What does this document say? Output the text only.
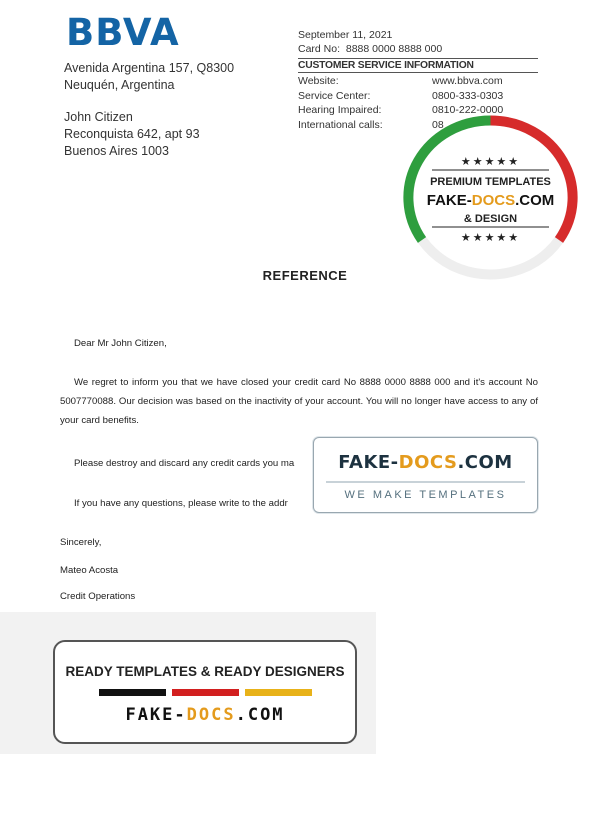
BBVA
Avenida Argentina 157, Q8300
Neuquén, Argentina
John Citizen
Reconquista 642, apt 93
Buenos Aires 1003
September 11, 2021
Card No: 8888 0000 8888 000
CUSTOMER SERVICE INFORMATION
Website:	www.bbva.com
Service Center:	0800-333-0303
Hearing Impaired:	0810-222-0000
International calls:	08
★★★★★
PREMIUM TEMPLATES
FAKE-DOCS.COM
& DESIGN
★★★★★
REFERENCE
Dear Mr John Citizen,
We regret to inform you that we have closed your credit card No 8888 0000 8888 000 and it's account No 5007770088. Our decision was based on the inactivity of your account. You will no longer have access to any of your card benefits.
Please destroy and discard any credit cards you ma
If you have any questions, please write to the addr
Sincerely,
Mateo Acosta
Credit Operations
FAKE-DOCS.COM
WE MAKE TEMPLATES
READY TEMPLATES & READY DESIGNERS
FAKE-DOCS.COM
